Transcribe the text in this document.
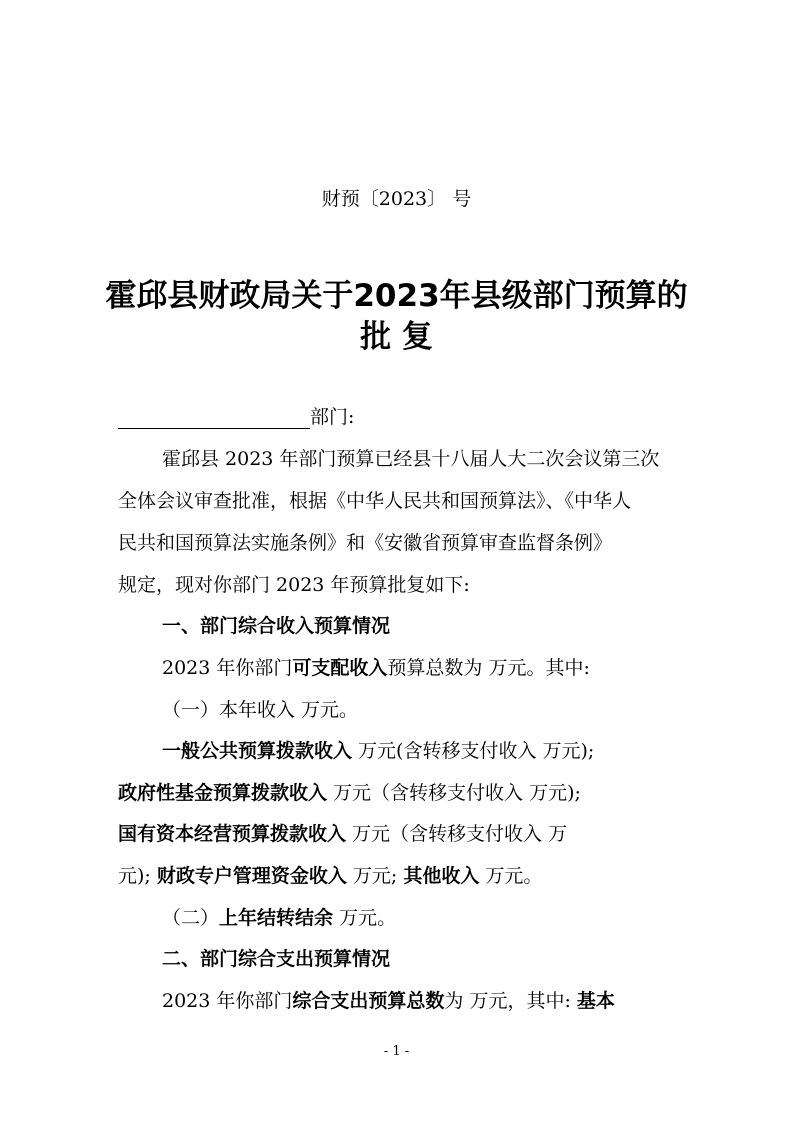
财预〔2023〕 号

霍邱县财政局关于2023年县级部门预算的
批 复

部门:

霍邱县 2023 年部门预算已经县十八届人大二次会议第三次

全体会议审查批准，根据《中华人民共和国预算法》、《中华人

民共和国预算法实施条例》和《安徽省预算审查监督条例》

规定，现对你部门 2023 年预算批复如下:

一、部门综合收入预算情况

2023 年你部门可支配收入预算总数为 万元。其中:

（一）本年收入 万元。

一般公共预算拨款收入 万元(含转移支付收入 万元);

政府性基金预算拨款收入 万元（含转移支付收入 万元);

国有资本经营预算拨款收入 万元（含转移支付收入 万

元); 财政专户管理资金收入 万元; 其他收入 万元。

（二）上年结转结余 万元。

二、部门综合支出预算情况

2023 年你部门综合支出预算总数为 万元，其中: 基本

- 1 -
